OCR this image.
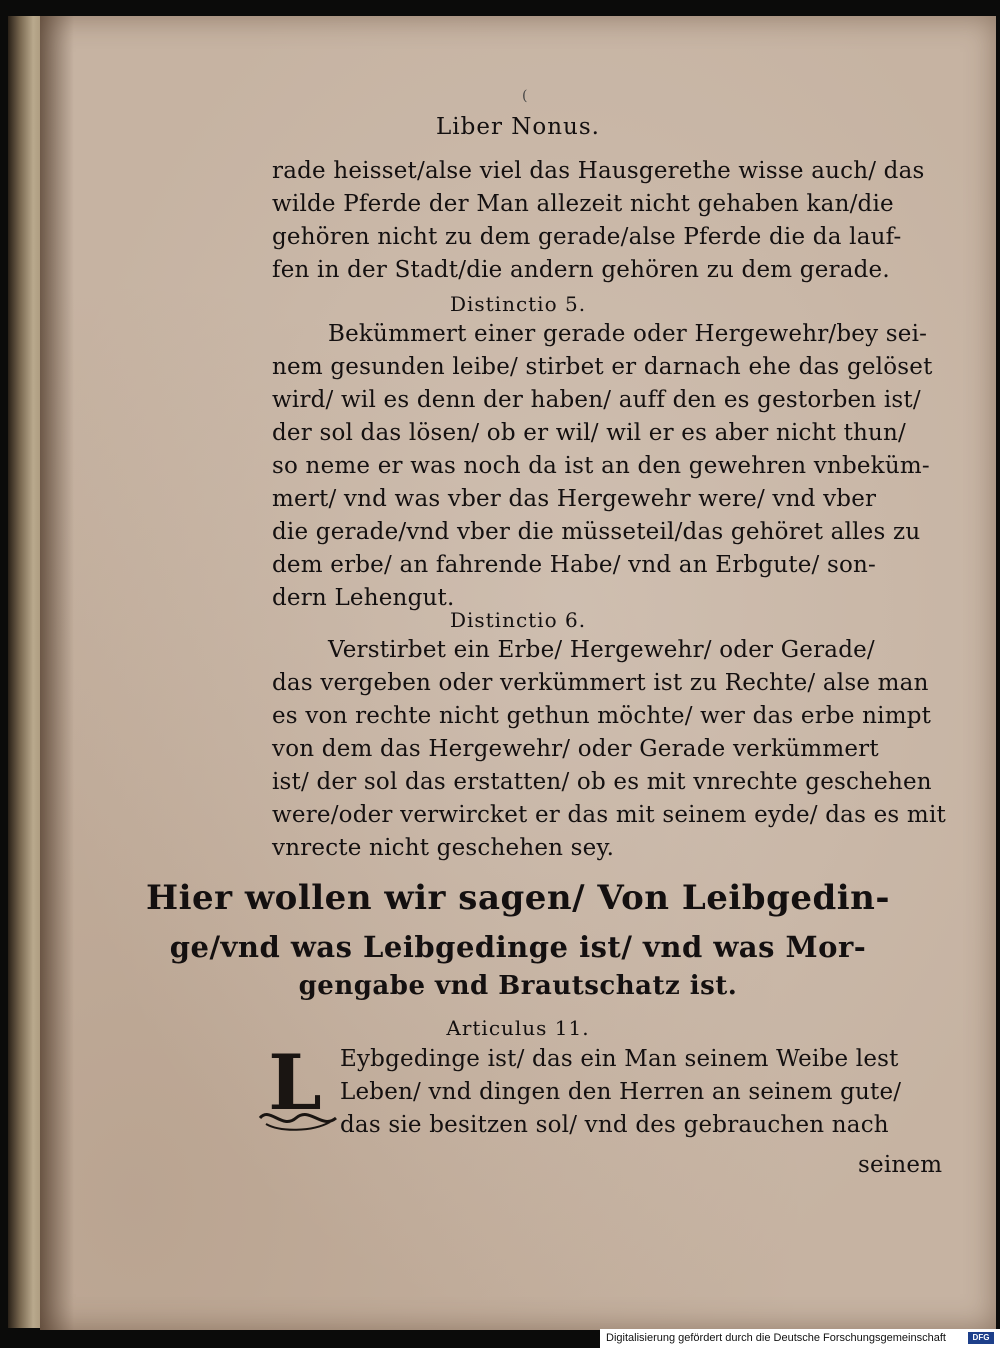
(
Liber Nonus.
rade heisset/alse viel das Hausgerethe wisse auch/ das
wilde Pferde der Man allezeit nicht gehaben kan/die
gehören nicht zu dem gerade/alse Pferde die da lauf-
fen in der Stadt/die andern gehören zu dem gerade.
Distinctio 5.
Bekümmert einer gerade oder Hergewehr/bey sei-
nem gesunden leibe/ stirbet er darnach ehe das gelöset
wird/ wil es denn der haben/ auff den es gestorben ist/
der sol das lösen/ ob er wil/ wil er es aber nicht thun/
so neme er was noch da ist an den gewehren vnbeküm-
mert/ vnd was vber das Hergewehr were/ vnd vber
die gerade/vnd vber die müsseteil/das gehöret alles zu
dem erbe/ an fahrende Habe/ vnd an Erbgute/ son-
dern Lehengut.
Distinctio 6.
Verstirbet ein Erbe/ Hergewehr/ oder Gerade/
das vergeben oder verkümmert ist zu Rechte/ alse man
es von rechte nicht gethun möchte/ wer das erbe nimpt
von dem das Hergewehr/ oder Gerade verkümmert
ist/ der sol das erstatten/ ob es mit vnrechte geschehen
were/oder verwircket er das mit seinem eyde/ das es mit
vnrecte nicht geschehen sey.
Hier wollen wir sagen/ Von Leibgedin-
ge/vnd was Leibgedinge ist/ vnd was Mor-
gengabe vnd Brautschatz ist.
Articulus 11.
L Eybgedinge ist/ das ein Man seinem Weibe lest
Leben/ vnd dingen den Herren an seinem gute/
das sie besitzen sol/ vnd des gebrauchen nach
seinem
Digitalisierung gefördert durch die Deutsche Forschungsgemeinschaft	DFG
